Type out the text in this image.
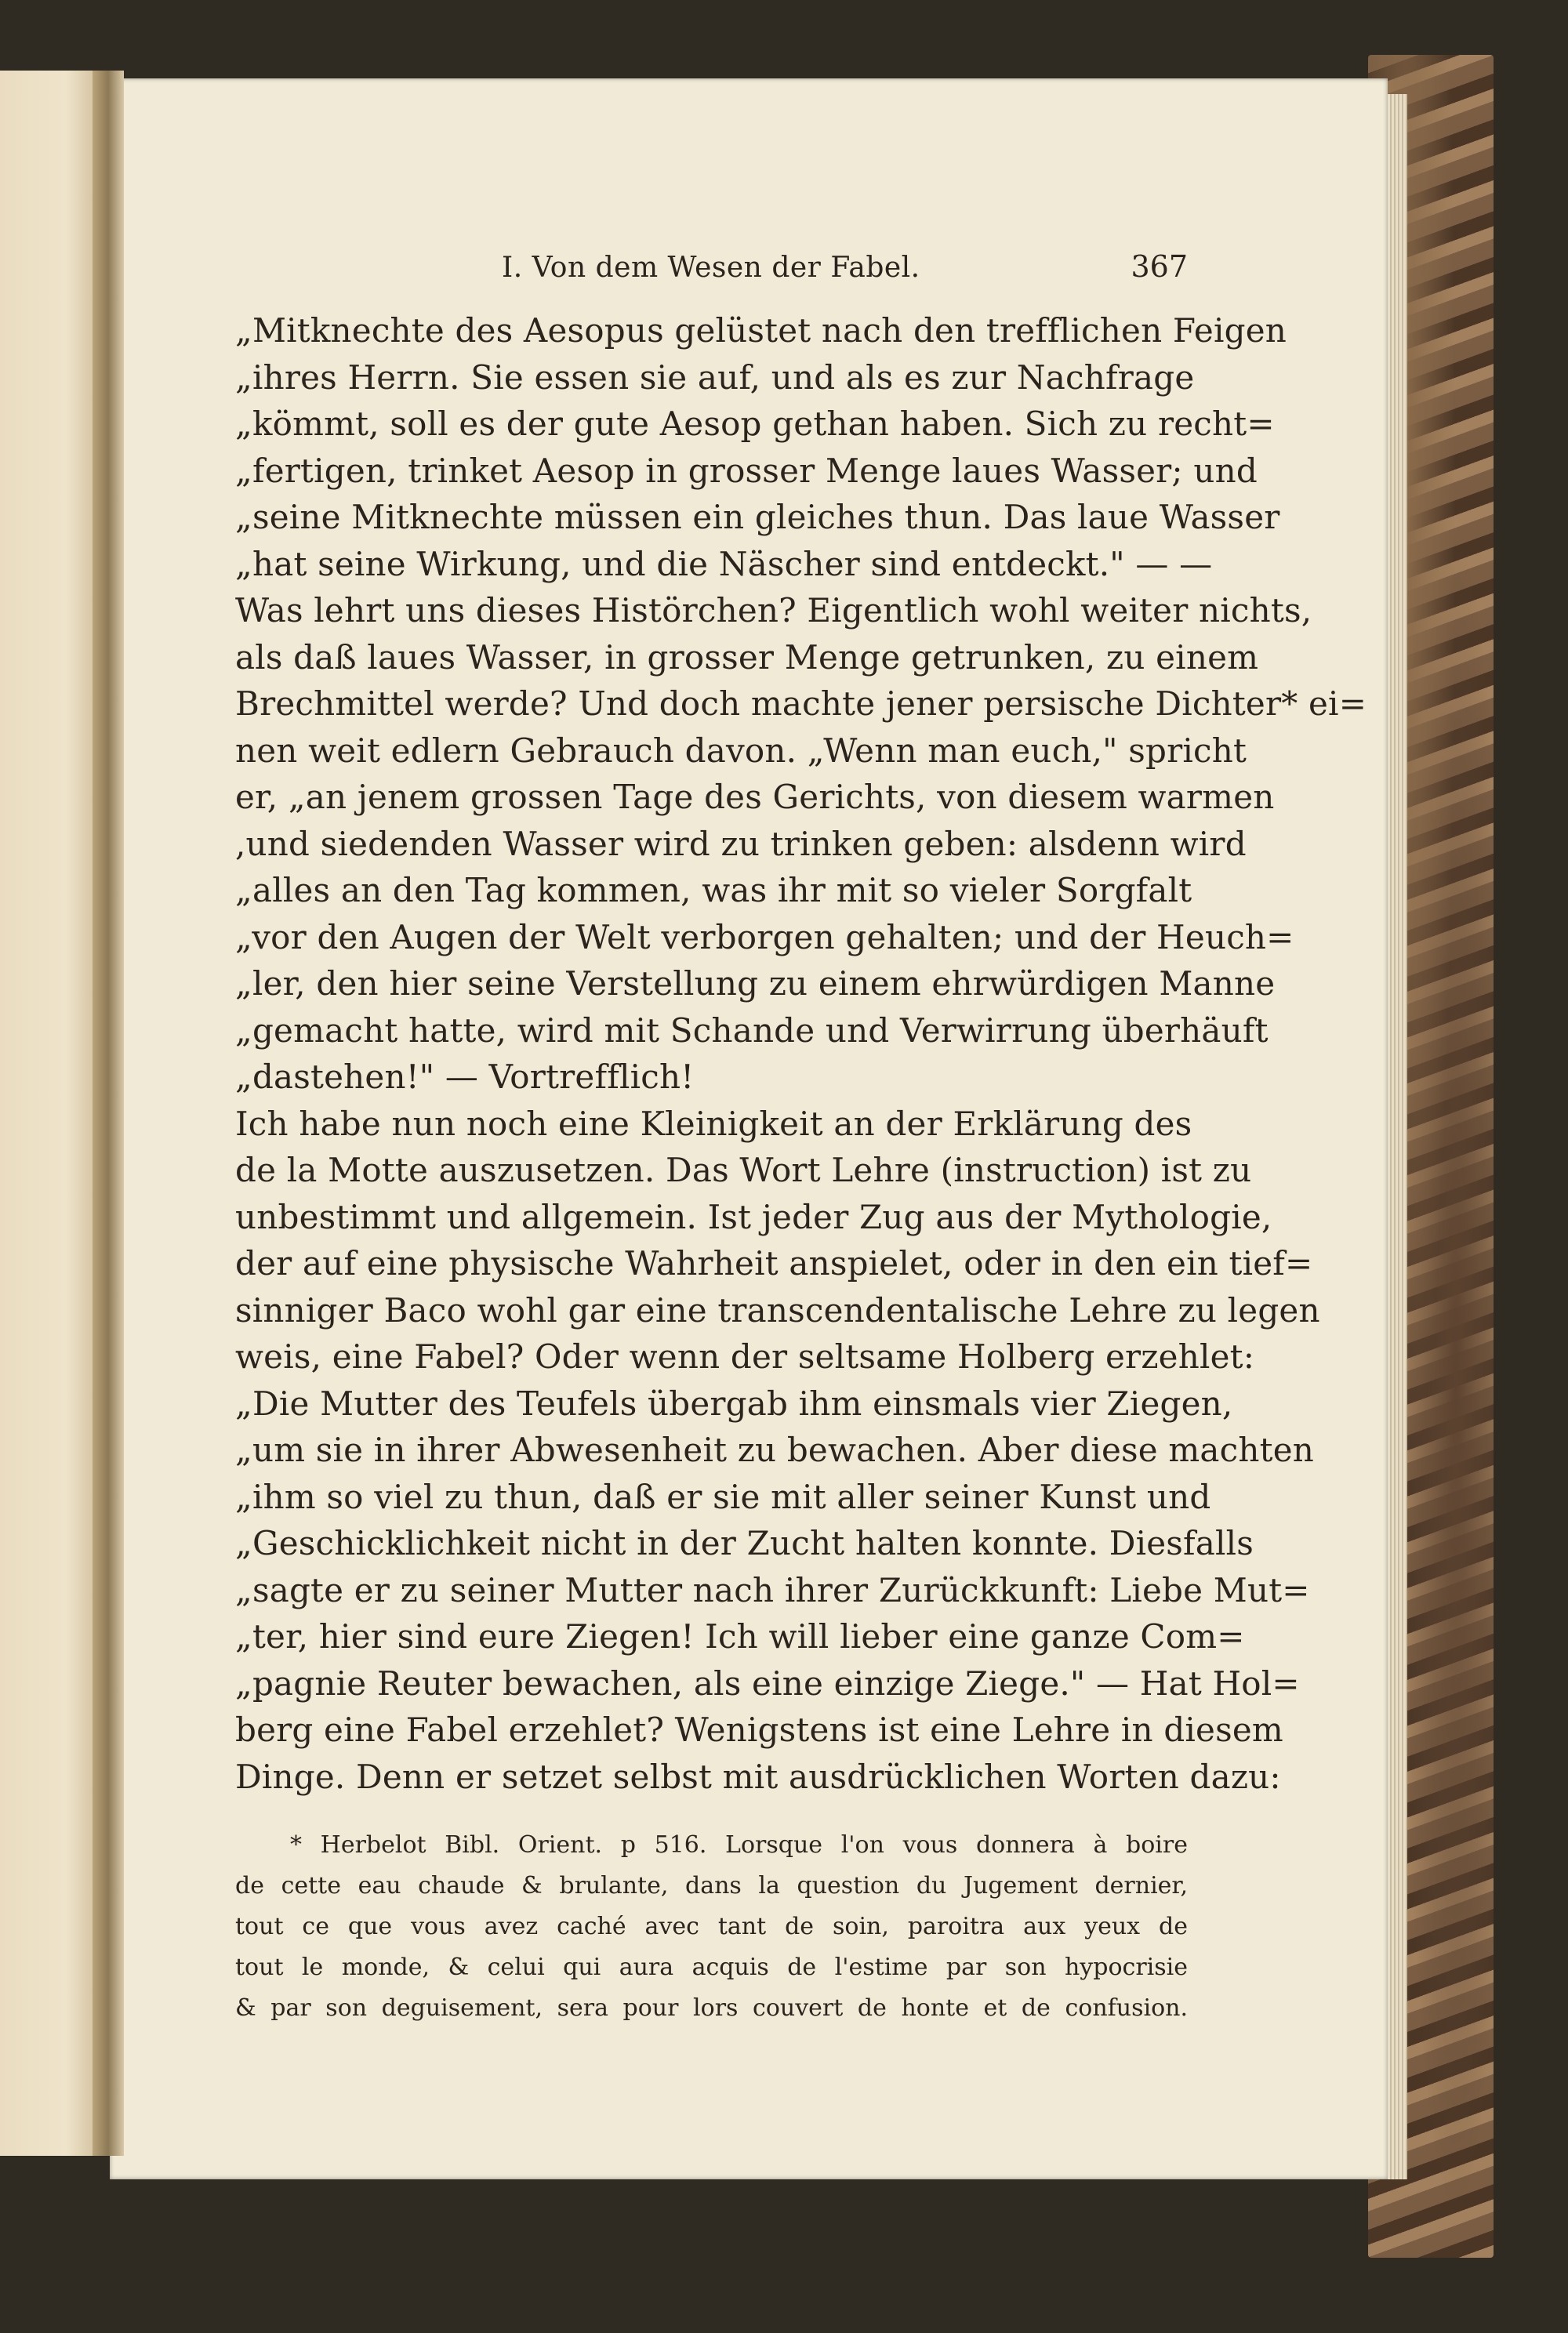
I. Von dem Wesen der Fabel.	367
„Mitknechte des Aesopus gelüstet nach den trefflichen Feigen
„ihres Herrn. Sie essen sie auf, und als es zur Nachfrage
„kömmt, soll es der gute Aesop gethan haben. Sich zu recht=
„fertigen, trinket Aesop in grosser Menge laues Wasser; und
„seine Mitknechte müssen ein gleiches thun. Das laue Wasser
„hat seine Wirkung, und die Näscher sind entdeckt." — —
Was lehrt uns dieses Histörchen? Eigentlich wohl weiter nichts,
als daß laues Wasser, in grosser Menge getrunken, zu einem
Brechmittel werde? Und doch machte jener persische Dichter* ei=
nen weit edlern Gebrauch davon. „Wenn man euch," spricht
er, „an jenem grossen Tage des Gerichts, von diesem warmen
,und siedenden Wasser wird zu trinken geben: alsdenn wird
„alles an den Tag kommen, was ihr mit so vieler Sorgfalt
„vor den Augen der Welt verborgen gehalten; und der Heuch=
„ler, den hier seine Verstellung zu einem ehrwürdigen Manne
„gemacht hatte, wird mit Schande und Verwirrung überhäuft
„dastehen!" — Vortrefflich!
Ich habe nun noch eine Kleinigkeit an der Erklärung des
de la Motte auszusetzen. Das Wort Lehre (instruction) ist zu
unbestimmt und allgemein. Ist jeder Zug aus der Mythologie,
der auf eine physische Wahrheit anspielet, oder in den ein tief=
sinniger Baco wohl gar eine transcendentalische Lehre zu legen
weis, eine Fabel? Oder wenn der seltsame Holberg erzehlet:
„Die Mutter des Teufels übergab ihm einsmals vier Ziegen,
„um sie in ihrer Abwesenheit zu bewachen. Aber diese machten
„ihm so viel zu thun, daß er sie mit aller seiner Kunst und
„Geschicklichkeit nicht in der Zucht halten konnte. Diesfalls
„sagte er zu seiner Mutter nach ihrer Zurückkunft: Liebe Mut=
„ter, hier sind eure Ziegen! Ich will lieber eine ganze Com=
„pagnie Reuter bewachen, als eine einzige Ziege." — Hat Hol=
berg eine Fabel erzehlet? Wenigstens ist eine Lehre in diesem
Dinge. Denn er setzet selbst mit ausdrücklichen Worten dazu:
* Herbelot Bibl. Orient. p 516. Lorsque l'on vous donnera à boire
de cette eau chaude & brulante, dans la question du Jugement dernier,
tout ce que vous avez caché avec tant de soin, paroitra aux yeux de
tout le monde, & celui qui aura acquis de l'estime par son hypocrisie
& par son deguisement, sera pour lors couvert de honte et de confusion.
